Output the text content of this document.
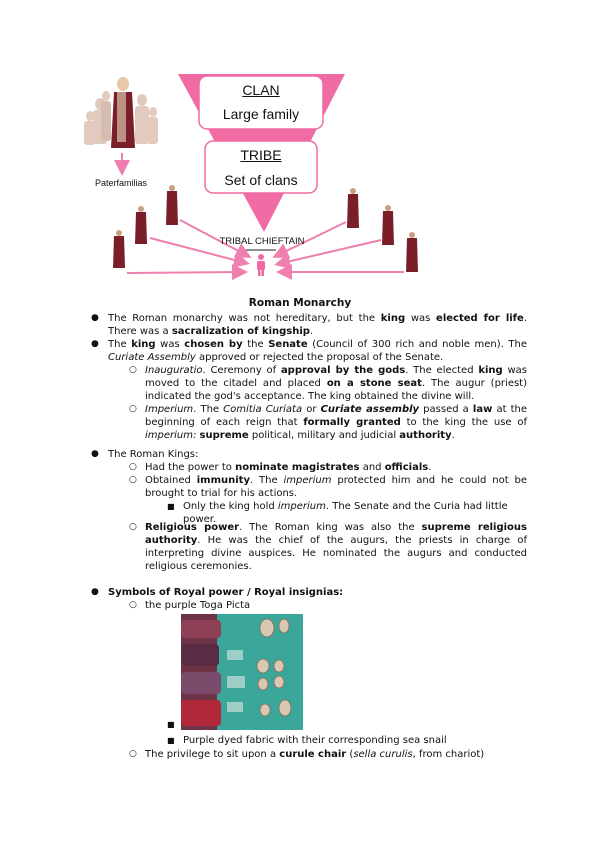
CLAN
Large family
TRIBE
Set of clans
TRIBAL CHIEFTAIN
Paterfamilias
Roman Monarchy
● The Roman monarchy was not hereditary, but the king was elected for life. There was a sacralization of kingship.
● The king was chosen by the Senate (Council of 300 rich and noble men). The Curiate Assembly approved or rejected the proposal of the Senate.
○ Inauguratio. Ceremony of approval by the gods. The elected king was moved to the citadel and placed on a stone seat. The augur (priest) indicated the god's acceptance. The king obtained the divine will.
○ Imperium. The Comitia Curiata or Curiate assembly passed a law at the beginning of each reign that formally granted to the king the use of imperium: supreme political, military and judicial authority.
● The Roman Kings:
○ Had the power to nominate magistrates and officials.
○ Obtained immunity. The imperium protected him and he could not be brought to trial for his actions.
■ Only the king hold imperium. The Senate and the Curia had little power.
○ Religious power. The Roman king was also the supreme religious authority. He was the chief of the augurs, the priests in charge of interpreting divine auspices. He nominated the augurs and conducted religious ceremonies.
● Symbols of Royal power / Royal insignias:
○ the purple Toga Picta
■
■ Purple dyed fabric with their corresponding sea snail
○ The privilege to sit upon a curule chair (sella curulis, from chariot)
